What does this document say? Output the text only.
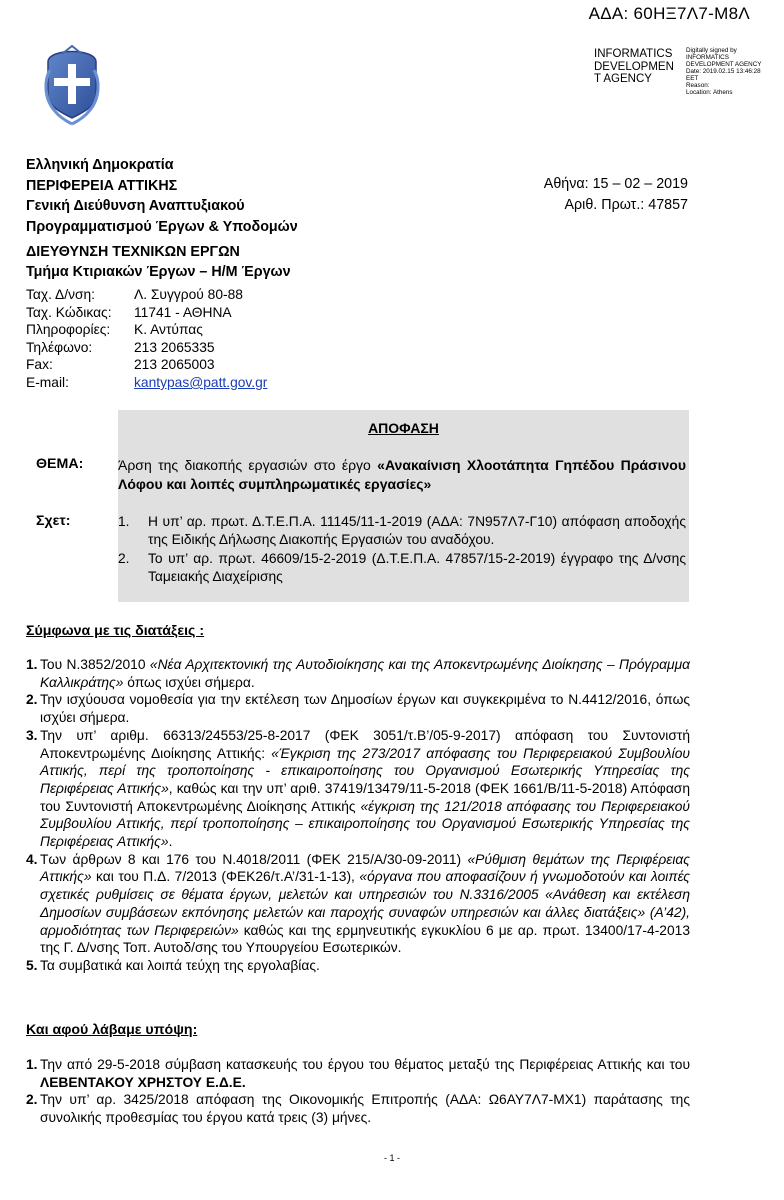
ΑΔΑ: 60ΗΞ7Λ7-Μ8Λ
INFORMATICS
DEVELOPMEN
T AGENCY
Digitally signed by
INFORMATICS
DEVELOPMENT AGENCY
Date: 2019.02.15 13:46:28
EET
Reason:
Location: Athens
Ελληνική Δημοκρατία
ΠΕΡΙΦΕΡΕΙΑ ΑΤΤΙΚΗΣ
Γενική Διεύθυνση Αναπτυξιακού
Προγραμματισμού Έργων & Υποδομών
Αθήνα: 15 – 02 – 2019
Αριθ. Πρωτ.: 47857
ΔΙΕΥΘΥΝΣΗ ΤΕΧΝΙΚΩΝ ΕΡΓΩΝ
Τμήμα Κτιριακών Έργων – Η/Μ Έργων
Ταχ. Δ/νση:	Λ. Συγγρού 80-88
Ταχ. Κώδικας:	11741 - ΑΘΗΝΑ
Πληροφορίες:	Κ. Αντύπας
Τηλέφωνο:	213 2065335
Fax:	213 2065003
E-mail:	kantypas@patt.gov.gr
ΑΠΟΦΑΣΗ
ΘΕΜΑ: Άρση της διακοπής εργασιών στο έργο «Ανακαίνιση Χλοοτάπητα Γηπέδου Πράσινου Λόφου και λοιπές συμπληρωματικές εργασίες»
Σχετ:	1.	Η υπ’ αρ. πρωτ. Δ.Τ.Ε.Π.Α. 11145/11-1-2019 (ΑΔΑ: 7Ν957Λ7-Γ10) απόφαση αποδοχής της Ειδικής Δήλωσης Διακοπής Εργασιών του αναδόχου.
2.	Το υπ’ αρ. πρωτ. 46609/15-2-2019 (Δ.Τ.Ε.Π.Α. 47857/15-2-2019) έγγραφο της Δ/νσης Ταμειακής Διαχείρισης
Σύμφωνα με τις διατάξεις :
1. Του Ν.3852/2010 «Νέα Αρχιτεκτονική της Αυτοδιοίκησης και της Αποκεντρωμένης Διοίκησης – Πρόγραμμα Καλλικράτης» όπως ισχύει σήμερα.
2. Την ισχύουσα νομοθεσία για την εκτέλεση των Δημοσίων έργων και συγκεκριμένα το Ν.4412/2016, όπως ισχύει σήμερα.
3. Την υπ’ αριθμ. 66313/24553/25-8-2017 (ΦΕΚ 3051/τ.Β’/05-9-2017) απόφαση του Συντονιστή Αποκεντρωμένης Διοίκησης Αττικής: «Έγκριση της 273/2017 απόφασης του Περιφερειακού Συμβουλίου Αττικής, περί της τροποποίησης - επικαιροποίησης του Οργανισμού Εσωτερικής Υπηρεσίας της Περιφέρειας Αττικής», καθώς και την υπ’ αριθ. 37419/13479/11-5-2018 (ΦΕΚ 1661/Β/11-5-2018) Απόφαση του Συντονιστή Αποκεντρωμένης Διοίκησης Αττικής «έγκριση της 121/2018 απόφασης του Περιφερειακού Συμβουλίου Αττικής, περί τροποποίησης – επικαιροποίησης του Οργανισμού Εσωτερικής Υπηρεσίας της Περιφέρειας Αττικής».
4. Των άρθρων 8 και 176 του Ν.4018/2011 (ΦΕΚ 215/Α/30-09-2011) «Ρύθμιση θεμάτων της Περιφέρειας Αττικής» και του Π.Δ. 7/2013 (ΦΕΚ26/τ.Α’/31-1-13), «όργανα που αποφασίζουν ή γνωμοδοτούν και λοιπές σχετικές ρυθμίσεις σε θέματα έργων, μελετών και υπηρεσιών του Ν.3316/2005 «Ανάθεση και εκτέλεση Δημοσίων συμβάσεων εκπόνησης μελετών και παροχής συναφών υπηρεσιών και άλλες διατάξεις» (Α’42), αρμοδιότητας των Περιφερειών» καθώς και της ερμηνευτικής εγκυκλίου 6 με αρ. πρωτ. 13400/17-4-2013 της Γ. Δ/νσης Τοπ. Αυτοδ/σης του Υπουργείου Εσωτερικών.
5. Τα συμβατικά και λοιπά τεύχη της εργολαβίας.
Και αφού λάβαμε υπόψη:
1. Την από 29-5-2018 σύμβαση κατασκευής του έργου του θέματος μεταξύ της Περιφέρειας Αττικής και του ΛΕΒΕΝΤΑΚΟΥ ΧΡΗΣΤΟΥ Ε.Δ.Ε.
2. Την υπ’ αρ. 3425/2018 απόφαση της Οικονομικής Επιτροπής (ΑΔΑ: Ω6ΑΥ7Λ7-ΜΧ1) παράτασης της συνολικής προθεσμίας του έργου κατά τρεις (3) μήνες.
- 1 -
